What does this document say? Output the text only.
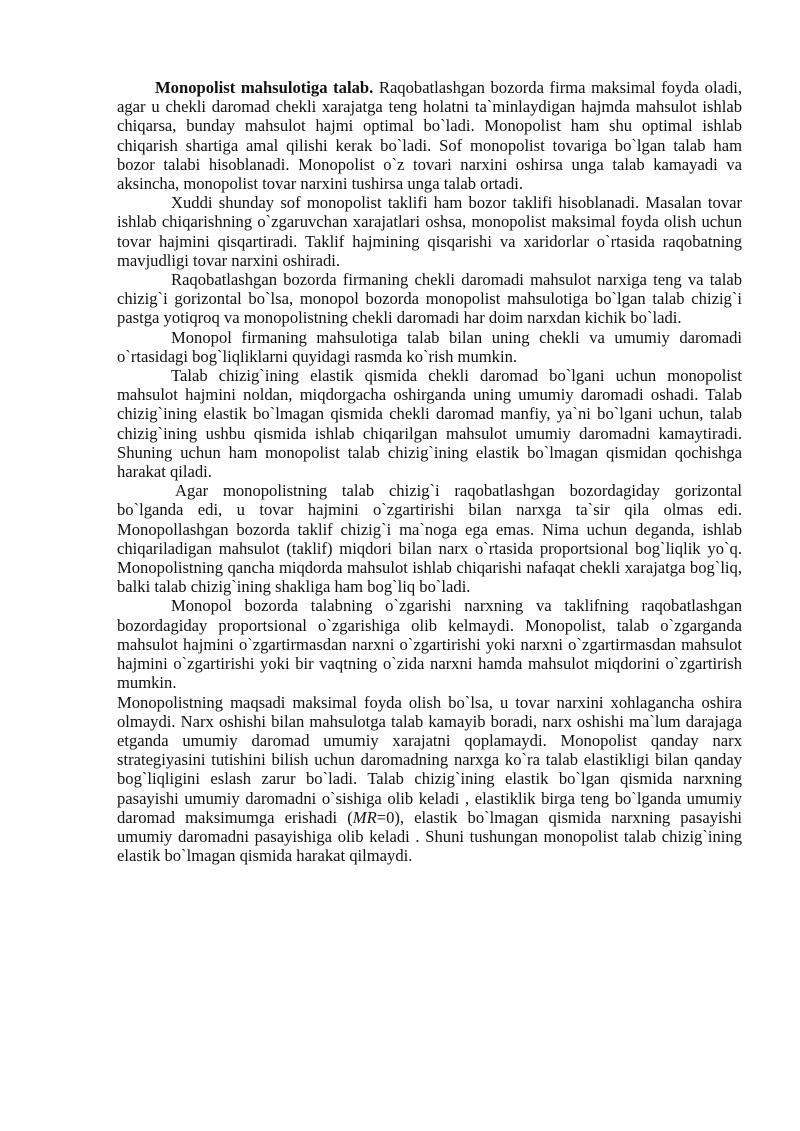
Monopolist mahsulotiga talab. Raqobatlashgan bozorda firma maksimal foyda oladi, agar u chekli daromad chekli xarajatga teng holatni ta`minlaydigan hajmda mahsulot ishlab chiqarsa, bunday mahsulot hajmi optimal bo`ladi. Monopolist ham shu optimal ishlab chiqarish shartiga amal qilishi kerak bo`ladi. Sof monopolist tovariga bo`lgan talab ham bozor talabi hisoblanadi. Monopolist o`z tovari narxini oshirsa unga talab kamayadi va aksincha, monopolist tovar narxini tushirsa unga talab ortadi.

Xuddi shunday sof monopolist taklifi ham bozor taklifi hisoblanadi. Masalan tovar ishlab chiqarishning o`zgaruvchan xarajatlari oshsa, monopolist maksimal foyda olish uchun tovar hajmini qisqartiradi. Taklif hajmining qisqarishi va xaridorlar o`rtasida raqobatning mavjudligi tovar narxini oshiradi.

Raqobatlashgan bozorda firmaning chekli daromadi mahsulot narxiga teng va talab chizig`i gorizontal bo`lsa, monopol bozorda monopolist mahsulotiga bo`lgan talab chizig`i pastga yotiqroq va monopolistning chekli daromadi har doim narxdan kichik bo`ladi.

Monopol firmaning mahsulotiga talab bilan uning chekli va umumiy daromadi o`rtasidagi bog`liqliklarni quyidagi rasmda ko`rish mumkin.

Talab chizig`ining elastik qismida chekli daromad bo`lgani uchun monopolist mahsulot hajmini noldan, miqdorgacha oshirganda uning umumiy daromadi oshadi. Talab chizig`ining elastik bo`lmagan qismida chekli daromad manfiy, ya`ni bo`lgani uchun, talab chizig`ining ushbu qismida ishlab chiqarilgan mahsulot umumiy daromadni kamaytiradi. Shuning uchun ham monopolist talab chizig`ining elastik bo`lmagan qismidan qochishga harakat qiladi.

Agar monopolistning talab chizig`i raqobatlashgan bozordagiday gorizontal bo`lganda edi, u tovar hajmini o`zgartirishi bilan narxga ta`sir qila olmas edi. Monopollashgan bozorda taklif chizig`i ma`noga ega emas. Nima uchun deganda, ishlab chiqariladigan mahsulot (taklif) miqdori bilan narx o`rtasida proportsional bog`liqlik yo`q. Monopolistning qancha miqdorda mahsulot ishlab chiqarishi nafaqat chekli xarajatga bog`liq, balki talab chizig`ining shakliga ham bog`liq bo`ladi.

Monopol bozorda talabning o`zgarishi narxning va taklifning raqobatlashgan bozordagiday proportsional o`zgarishiga olib kelmaydi. Monopolist, talab o`zgarganda mahsulot hajmini o`zgartirmasdan narxni o`zgartirishi yoki narxni o`zgartirmasdan mahsulot hajmini o`zgartirishi yoki bir vaqtning o`zida narxni hamda mahsulot miqdorini o`zgartirish mumkin.

Monopolistning maqsadi maksimal foyda olish bo`lsa, u tovar narxini xohlagancha oshira olmaydi. Narx oshishi bilan mahsulotga talab kamayib boradi, narx oshishi ma`lum darajaga etganda umumiy daromad umumiy xarajatni qoplamaydi. Monopolist qanday narx strategiyasini tutishini bilish uchun daromadning narxga ko`ra talab elastikligi bilan qanday bog`liqligini eslash zarur bo`ladi. Talab chizig`ining elastik bo`lgan qismida narxning pasayishi umumiy daromadni o`sishiga olib keladi , elastiklik birga teng bo`lganda umumiy daromad maksimumga erishadi (MR=0), elastik bo`lmagan qismida narxning pasayishi umumiy daromadni pasayishiga olib keladi . Shuni tushungan monopolist talab chizig`ining elastik bo`lmagan qismida harakat qilmaydi.
